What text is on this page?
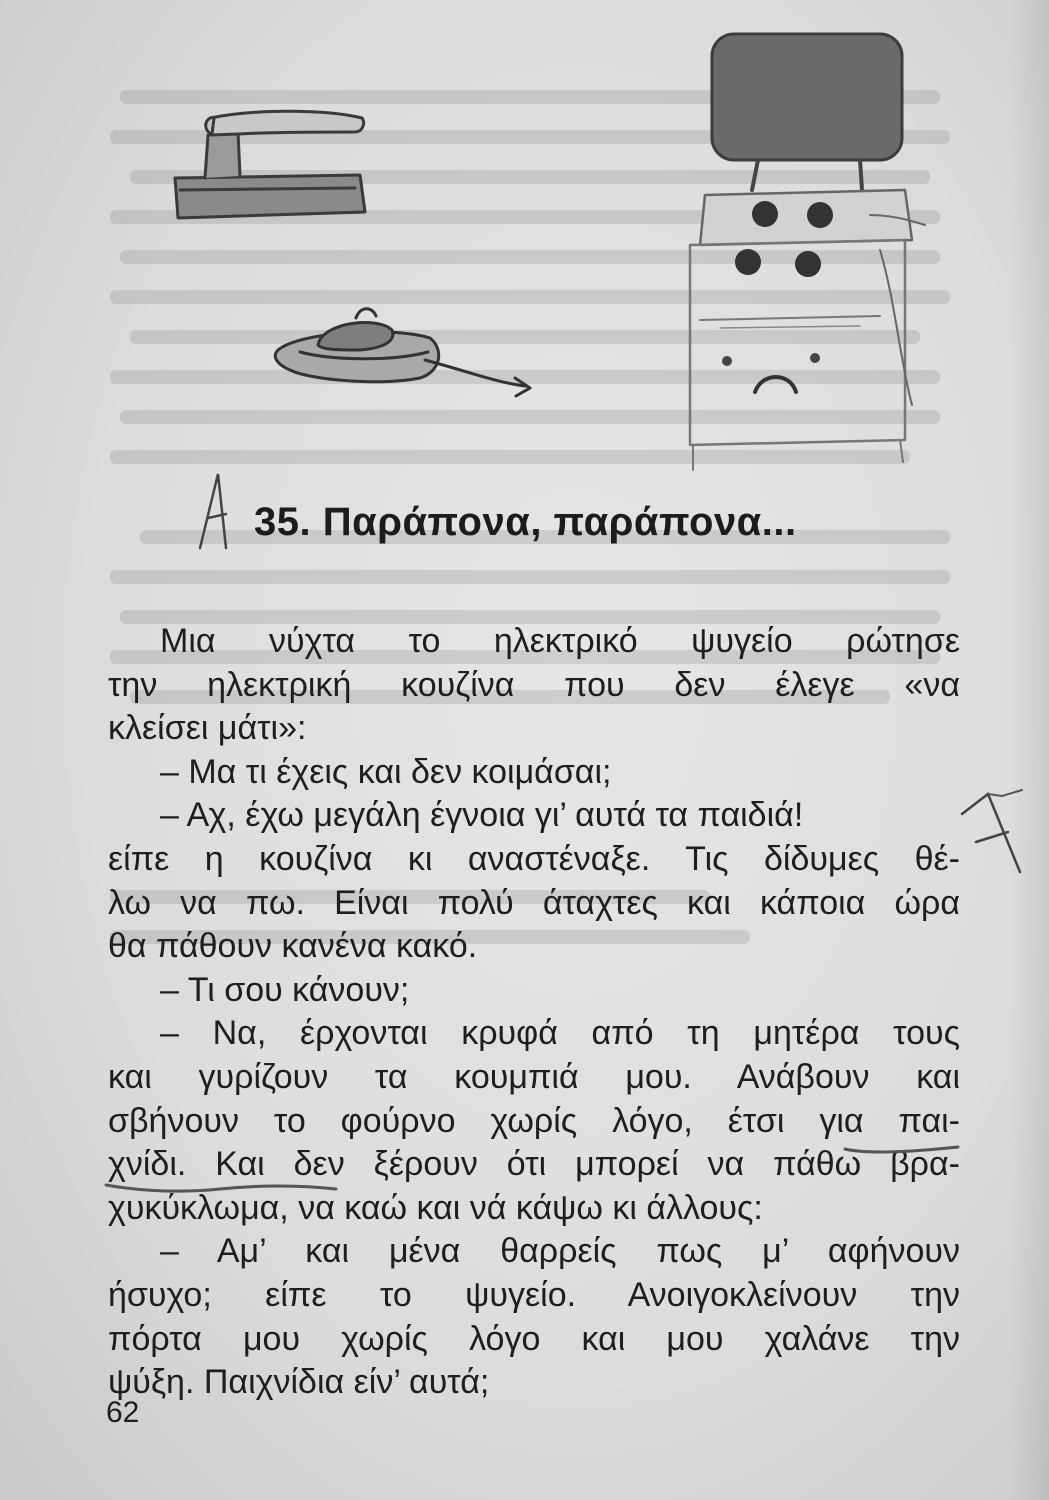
35. Παράπονα, παράπονα...
Μια νύχτα το ηλεκτρικό ψυγείο ρώτησε
την ηλεκτρική κουζίνα που δεν έλεγε «να
κλείσει μάτι»:
– Μα τι έχεις και δεν κοιμάσαι;
– Αχ, έχω μεγάλη έγνοια γι’ αυτά τα παιδιά!
είπε η κουζίνα κι αναστέναξε. Τις δίδυμες θέ-
λω να πω. Είναι πολύ άταχτες και κάποια ώρα
θα πάθουν κανένα κακό.
– Τι σου κάνουν;
– Να, έρχονται κρυφά από τη μητέρα τους
και γυρίζουν τα κουμπιά μου. Ανάβουν και
σβήνουν το φούρνο χωρίς λόγο, έτσι για παι-
χνίδι. Και δεν ξέρουν ότι μπορεί να πάθω βρα-
χυκύκλωμα, να καώ και νά κάψω κι άλλους:
– Αμ’ και μένα θαρρείς πως μ’ αφήνουν
ήσυχο; είπε το ψυγείο. Ανοιγοκλείνουν την
πόρτα μου χωρίς λόγο και μου χαλάνε την
ψύξη. Παιχνίδια είν’ αυτά;
62
